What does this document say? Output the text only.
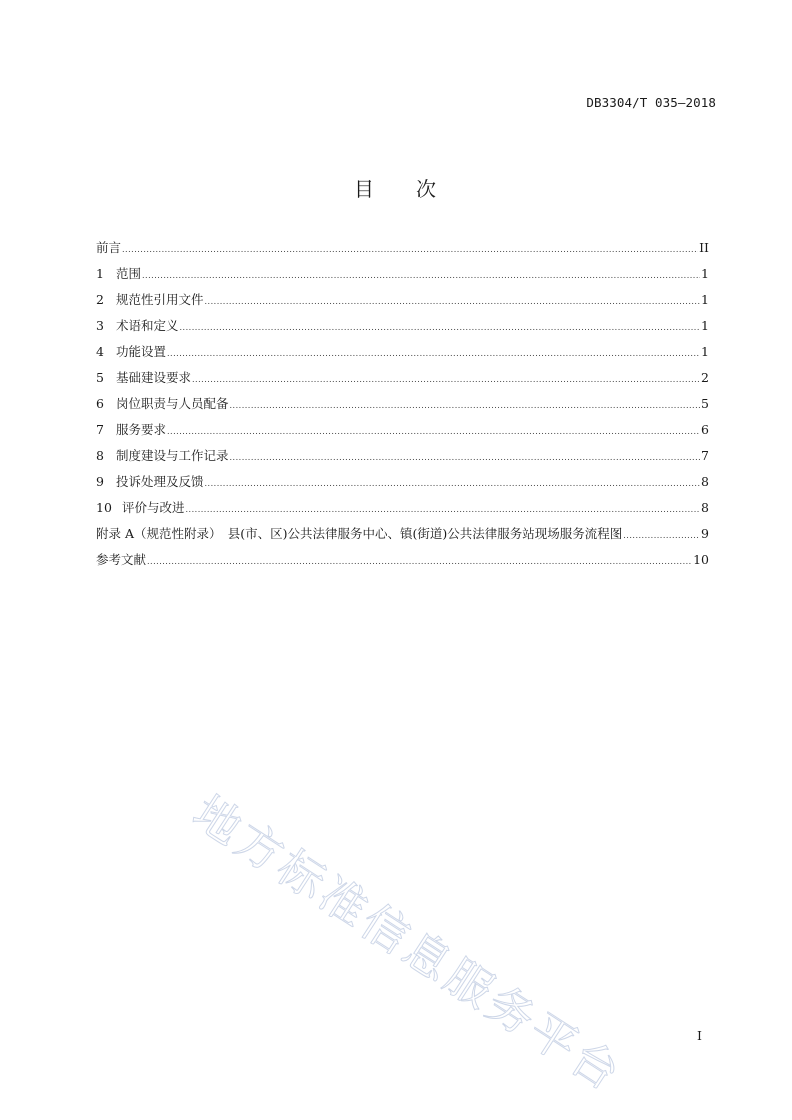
DB3304/T 035—2018
目 次
前言 .....	II
1 范围 .....	1
2 规范性引用文件 .....	1
3 术语和定义 .....	1
4 功能设置 .....	1
5 基础建设要求 .....	2
6 岗位职责与人员配备 .....	5
7 服务要求 .....	6
8 制度建设与工作记录 .....	7
9 投诉处理及反馈 .....	8
10 评价与改进 .....	8
附录 A（规范性附录）　县(市、区)公共法律服务中心、镇(街道)公共法律服务站现场服务流程图 .....	9
参考文献 .....	10
地方标准信息服务平台	I
